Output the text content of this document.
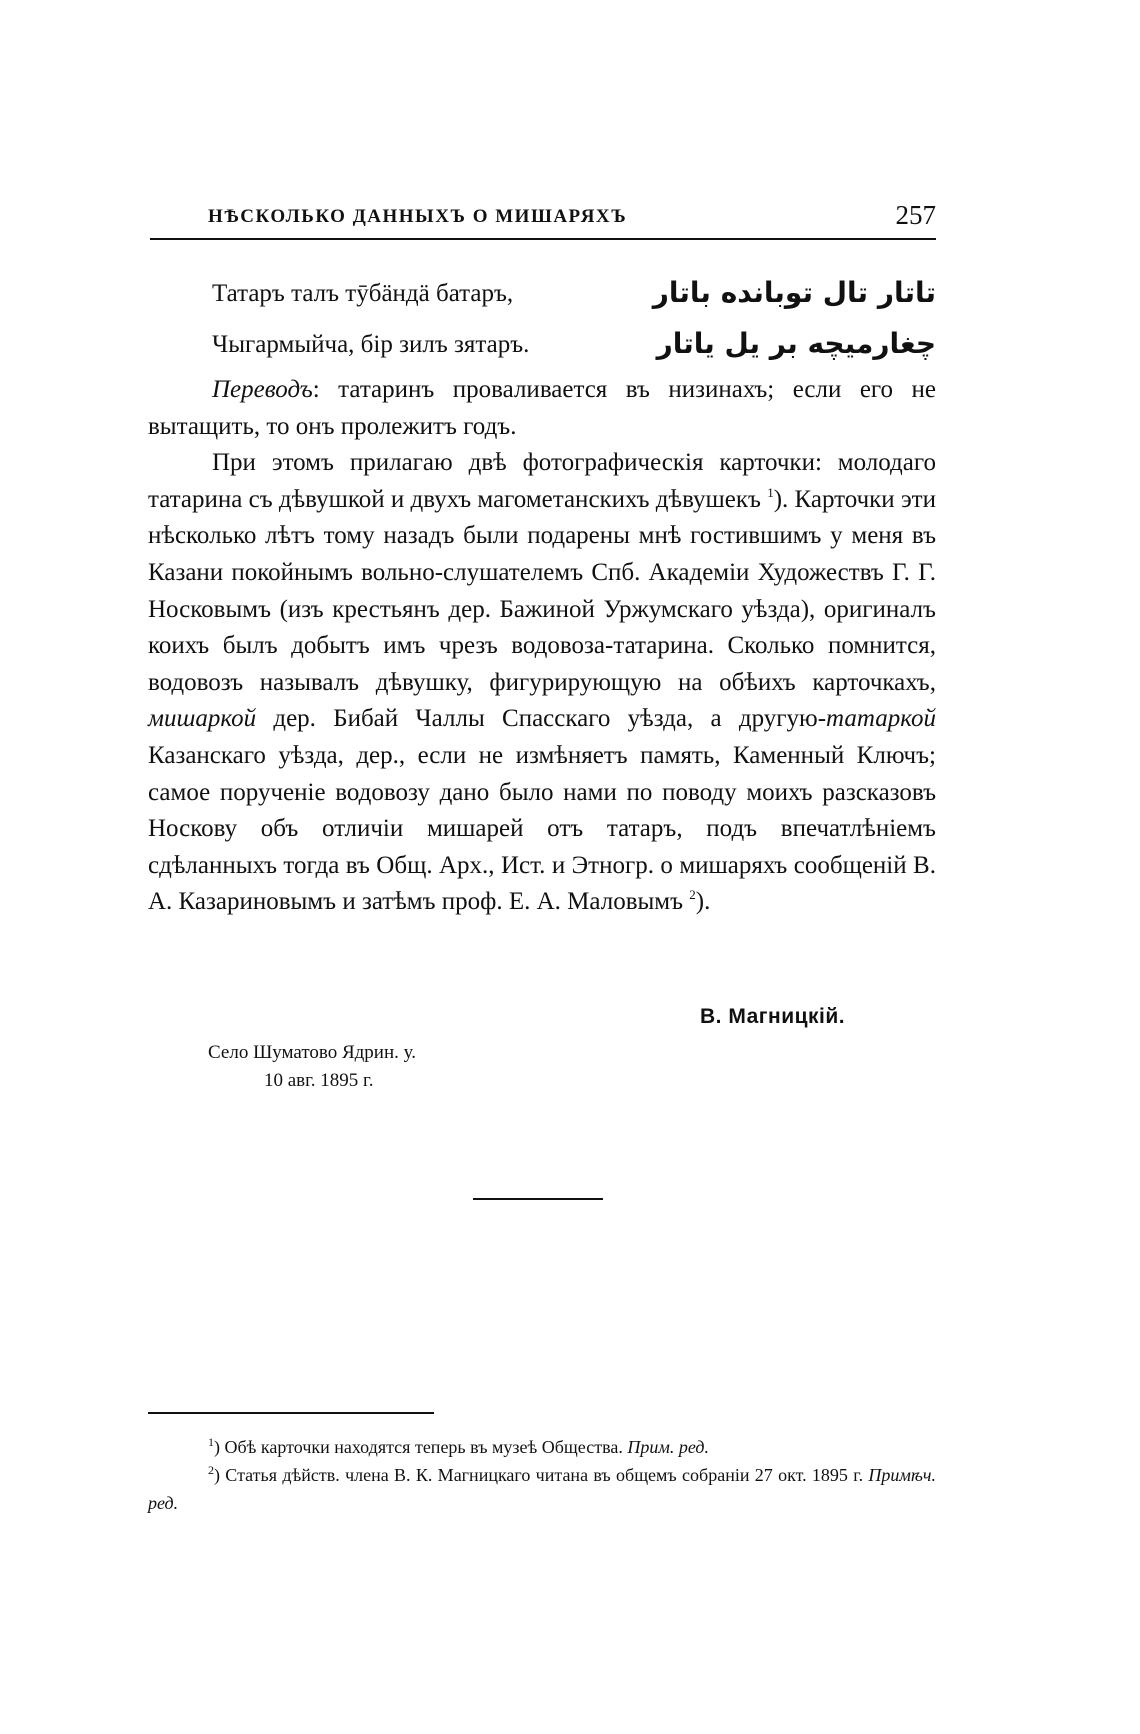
НѢСКОЛЬКО ДАННЫХЪ О МИШАРЯХЪ	257
Татаръ талъ тӯбӓндӓ батаръ,	تاتار تال توبانده باتار
Чыгармыйча, бір зилъ зятаръ.	چغارمیچه بر یل یاتار

Переводъ: татаринъ проваливается въ низинахъ; если его не вытащить, то онъ пролежитъ годъ.

При этомъ прилагаю двѣ фотографическія карточки: молодаго татарина съ дѣвушкой и двухъ магометанскихъ дѣвушекъ $^1$). Карточки эти нѣсколько лѣтъ тому назадъ были подарены мнѣ гостившимъ у меня въ Казани покойнымъ вольно-слушателемъ Спб. Академіи Художествъ Г. Г. Носковымъ (изъ крестьянъ дер. Бажиной Уржумскаго уѣзда), оригиналъ коихъ былъ добытъ имъ чрезъ водовоза-татарина. Сколько помнится, водовозъ называлъ дѣвушку, фигурирующую на обѣихъ карточкахъ, мишаркой дер. Бибай Чаллы Спасскаго уѣзда, а другую-татаркой Казанскаго уѣзда, дер., если не измѣняетъ память, Каменный Ключъ; самое порученіе водовозу дано было нами по поводу моихъ разсказовъ Носкову объ отличіи мишарей отъ татаръ, подъ впечатлѣніемъ сдѣланныхъ тогда въ Общ. Арх., Ист. и Этногр. о мишаряхъ сообщеній В. А. Казариновымъ и затѣмъ проф. Е. А. Маловымъ $^2$).

В. Магницкій.
Село Шуматово Ядрин. у.
10 авг. 1895 г.

$^1$) Обѣ карточки находятся теперь въ музеѣ Общества. Прим. ред.

$^2$) Статья дѣйств. члена В. К. Магницкаго читана въ общемъ собраніи 27 окт. 1895 г. Примѣч. ред.
